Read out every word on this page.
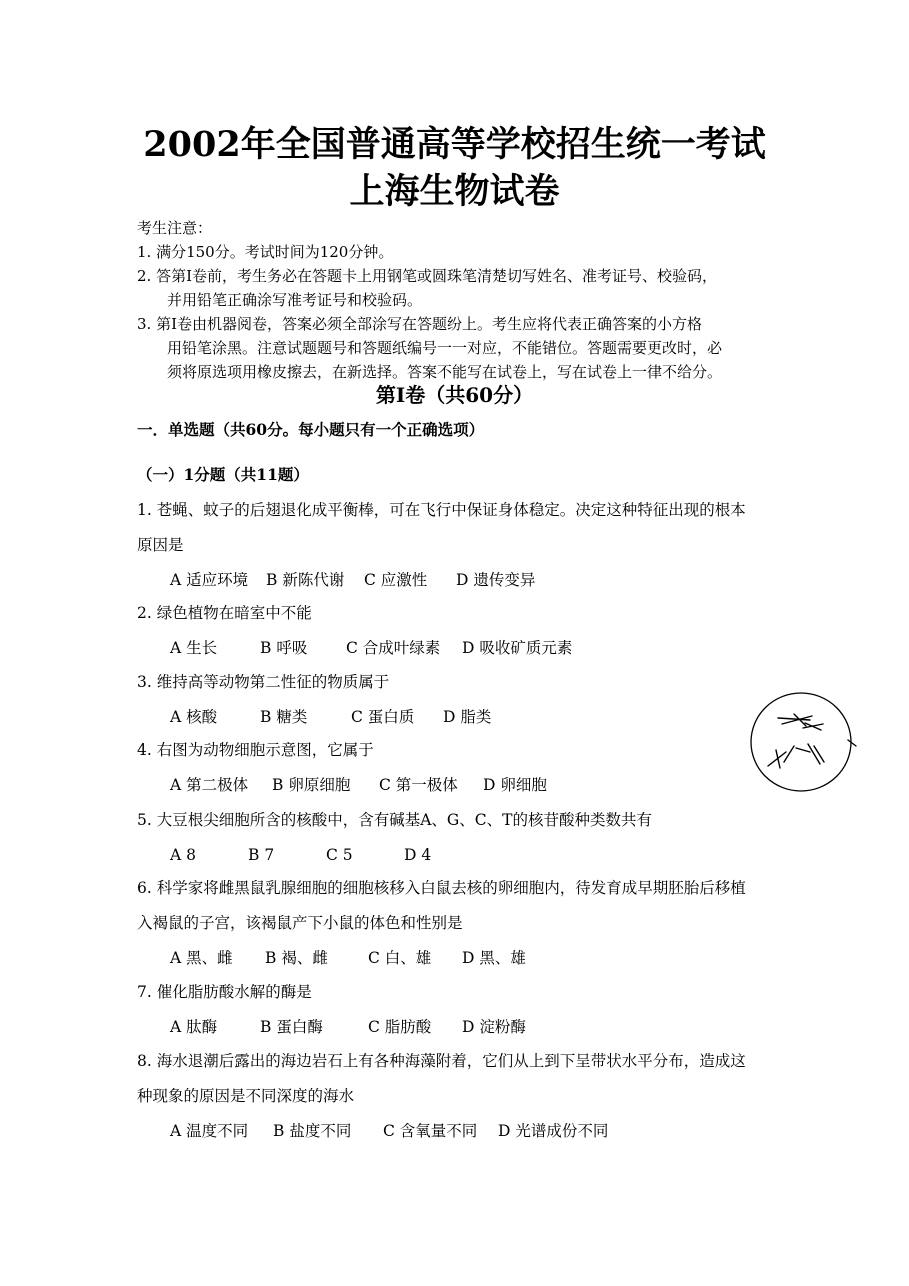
2002年全国普通高等学校招生统一考试
上海生物试卷
考生注意：
1. 满分150分。考试时间为120分钟。
2. 答第Ⅰ卷前，考生务必在答题卡上用钢笔或圆珠笔清楚切写姓名、准考证号、校验码，
并用铅笔正确涂写准考证号和校验码。
3. 第Ⅰ卷由机器阅卷，答案必须全部涂写在答题纷上。考生应将代表正确答案的小方格
用铅笔涂黑。注意试题题号和答题纸编号一一对应，不能错位。答题需要更改时，必
须将原选项用橡皮擦去，在新选择。答案不能写在试卷上，写在试卷上一律不给分。
第Ⅰ卷（共60分）
一．单选题（共60分。每小题只有一个正确选项）
（一）1分题（共11题）
1. 苍蝇、蚊子的后翅退化成平衡棒，可在飞行中保证身体稳定。决定这种特征出现的根本
原因是
A 适应环境 B 新陈代谢 C 应激性 D 遗传变异
2. 绿色植物在暗室中不能
A 生长	B 呼吸 C 合成叶绿素 D 吸收矿质元素
3. 维持高等动物第二性征的物质属于
A 核酸	B 糖类	C 蛋白质 D 脂类
4. 右图为动物细胞示意图，它属于
A 第二极体 B 卵原细胞 C 第一极体 D 卵细胞
5. 大豆根尖细胞所含的核酸中，含有碱基A、G、C、T的核苷酸种类数共有
A 8	B 7	C 5	D 4
6. 科学家将雌黑鼠乳腺细胞的细胞核移入白鼠去核的卵细胞内，待发育成早期胚胎后移植
入褐鼠的子宫，该褐鼠产下小鼠的体色和性别是
A 黑、雌 B 褐、雌	C 白、雄 D 黑、雄
7. 催化脂肪酸水解的酶是
A 肽酶	B 蛋白酶	C 脂肪酸 D 淀粉酶
8. 海水退潮后露出的海边岩石上有各种海藻附着，它们从上到下呈带状水平分布，造成这
种现象的原因是不同深度的海水
A 温度不同 B 盐度不同 C 含氧量不同 D 光谱成份不同
